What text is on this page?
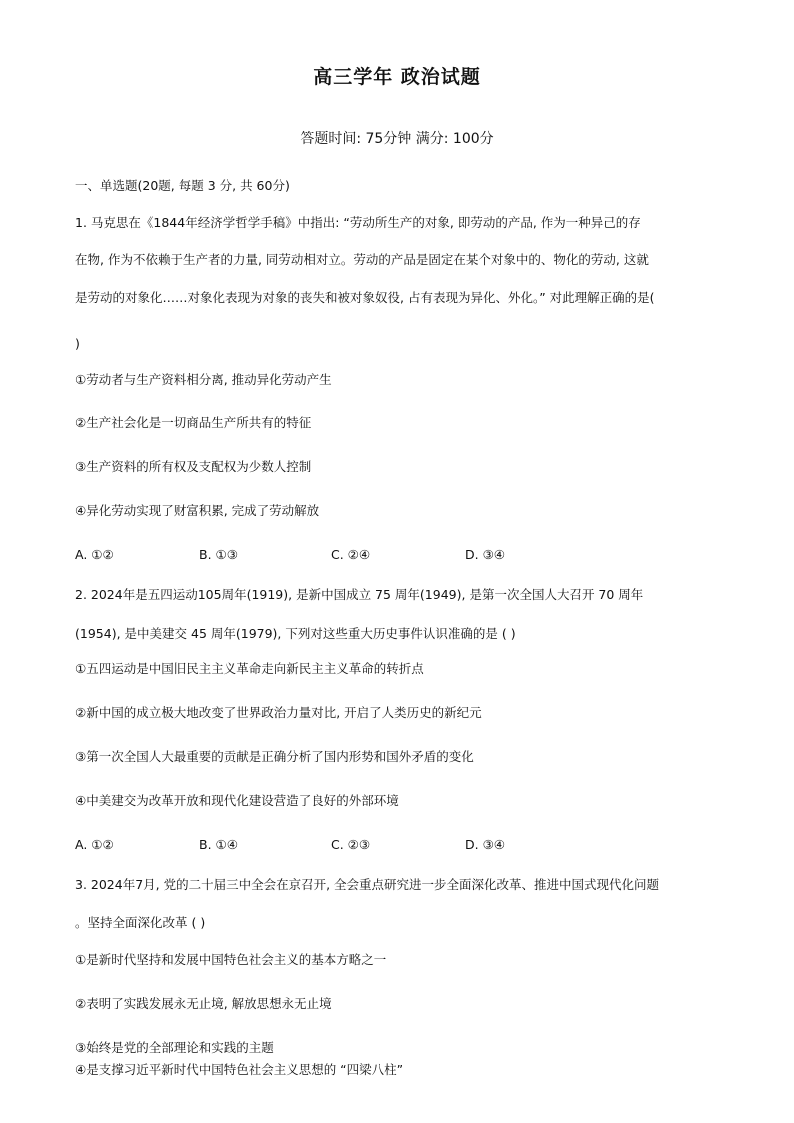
高三学年 政治试题
答题时间: 75分钟 满分: 100分
一、单选题(20题, 每题 3 分, 共 60分)
1. 马克思在《1844年经济学哲学手稿》中指出: “劳动所生产的对象, 即劳动的产品, 作为一种异己的存
在物, 作为不依赖于生产者的力量, 同劳动相对立。劳动的产品是固定在某个对象中的、物化的劳动, 这就
是劳动的对象化……对象化表现为对象的丧失和被对象奴役, 占有表现为异化、外化。” 对此理解正确的是(
)
①劳动者与生产资料相分离, 推动异化劳动产生
②生产社会化是一切商品生产所共有的特征
③生产资料的所有权及支配权为少数人控制
④异化劳动实现了财富积累, 完成了劳动解放
A. ①②	B. ①③	C. ②④	D. ③④
2. 2024年是五四运动105周年(1919), 是新中国成立 75 周年(1949), 是第一次全国人大召开 70 周年
(1954), 是中美建交 45 周年(1979), 下列对这些重大历史事件认识准确的是 ( )
①五四运动是中国旧民主主义革命走向新民主主义革命的转折点
②新中国的成立极大地改变了世界政治力量对比, 开启了人类历史的新纪元
③第一次全国人大最重要的贡献是正确分析了国内形势和国外矛盾的变化
④中美建交为改革开放和现代化建设营造了良好的外部环境
A. ①②	B. ①④	C. ②③	D. ③④
3. 2024年7月, 党的二十届三中全会在京召开, 全会重点研究进一步全面深化改革、推进中国式现代化问题
。坚持全面深化改革 ( )
①是新时代坚持和发展中国特色社会主义的基本方略之一
②表明了实践发展永无止境, 解放思想永无止境
③始终是党的全部理论和实践的主题
④是支撑习近平新时代中国特色社会主义思想的 “四梁八柱”
